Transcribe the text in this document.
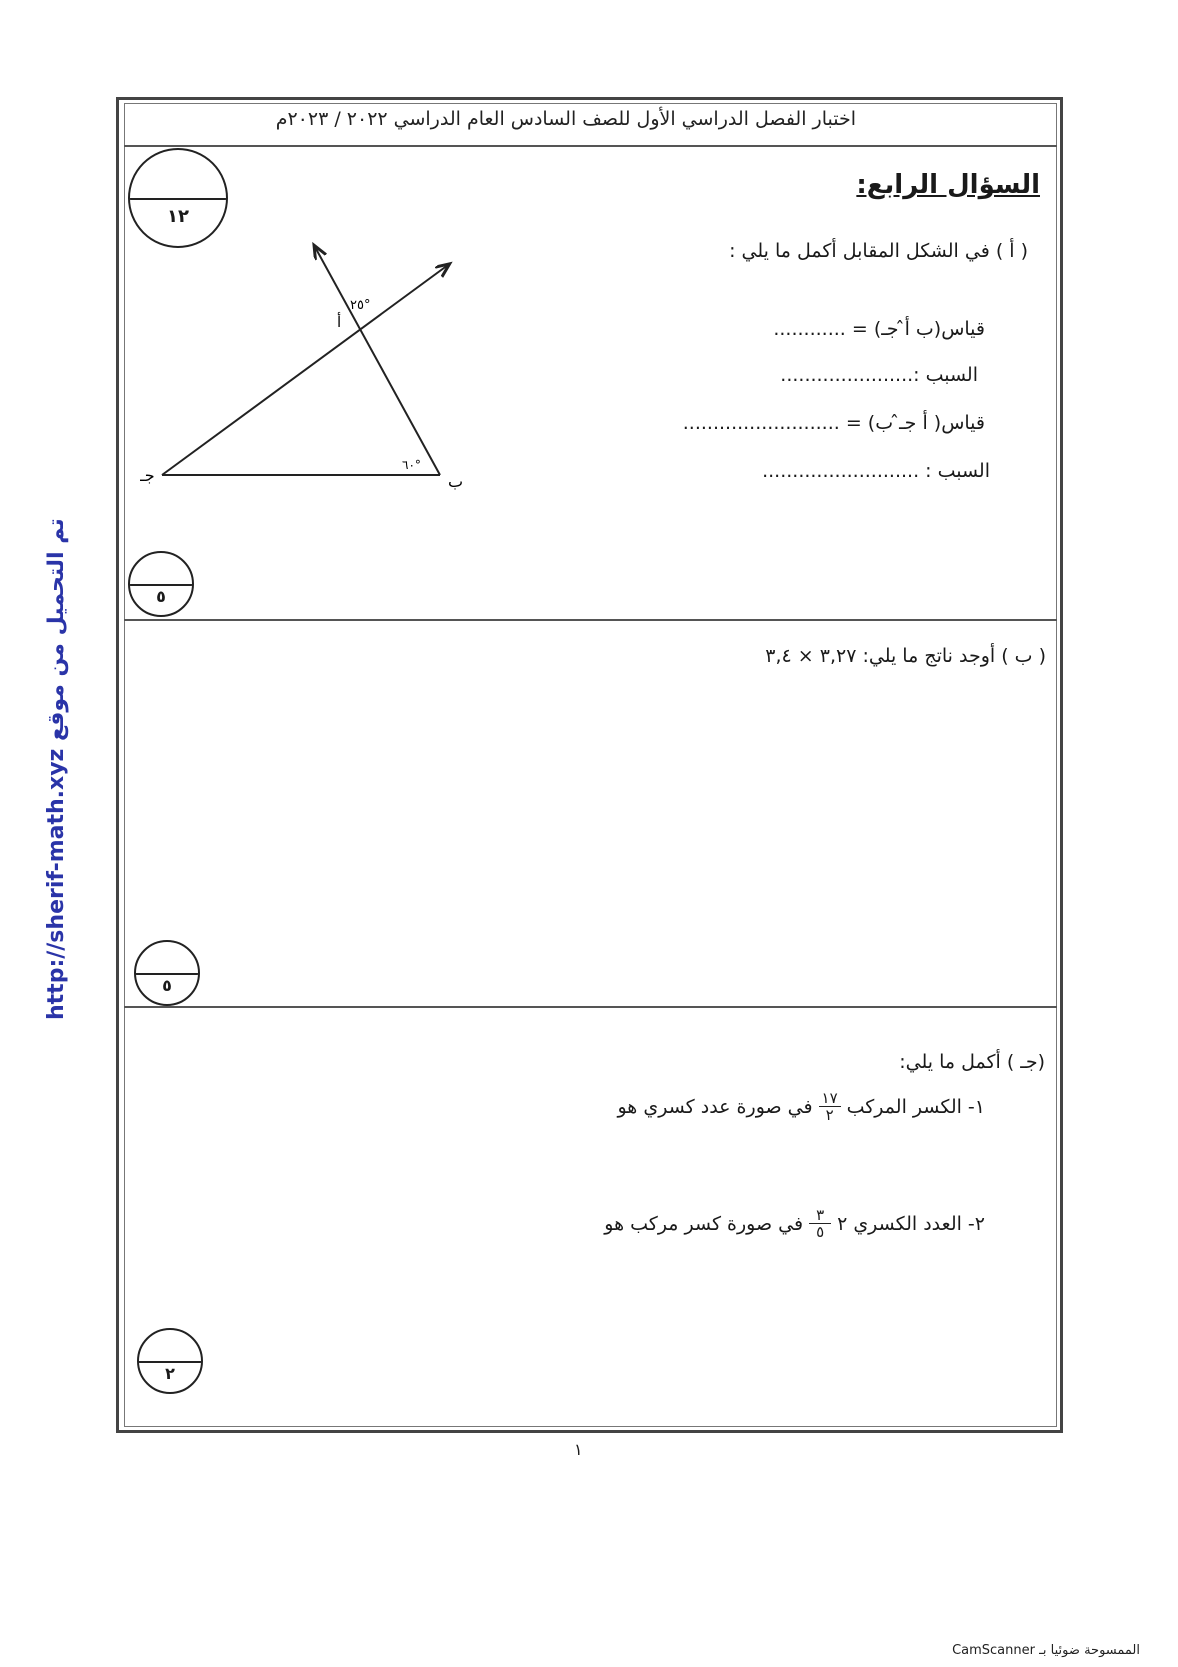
اختبار الفصل الدراسي الأول للصف السادس العام الدراسي ٢٠٢٢ / ٢٠٢٣م
١٢
السؤال الرابع:
( أ ) في الشكل المقابل أكمل ما يلي :
قياس(ب أ̂ جـ) = ............
السبب :......................
قياس( أ جـ̂ ب) = ..........................
السبب : ..........................
٢٥°
٦٠°
أ
ب
جـ
٥
( ب ) أوجد ناتج ما يلي: ٣,٢٧ × ٣,٤
٥
(جـ ) أكمل ما يلي:
١- الكسر المركب
١٧
٢
في صورة عدد كسري هو
٢- العدد الكسري
٢
٣
٥
في صورة كسر مركب هو
٢
تم التحميل من موقع http://sherif-math.xyz
١
الممسوحة ضوئيا بـ CamScanner
